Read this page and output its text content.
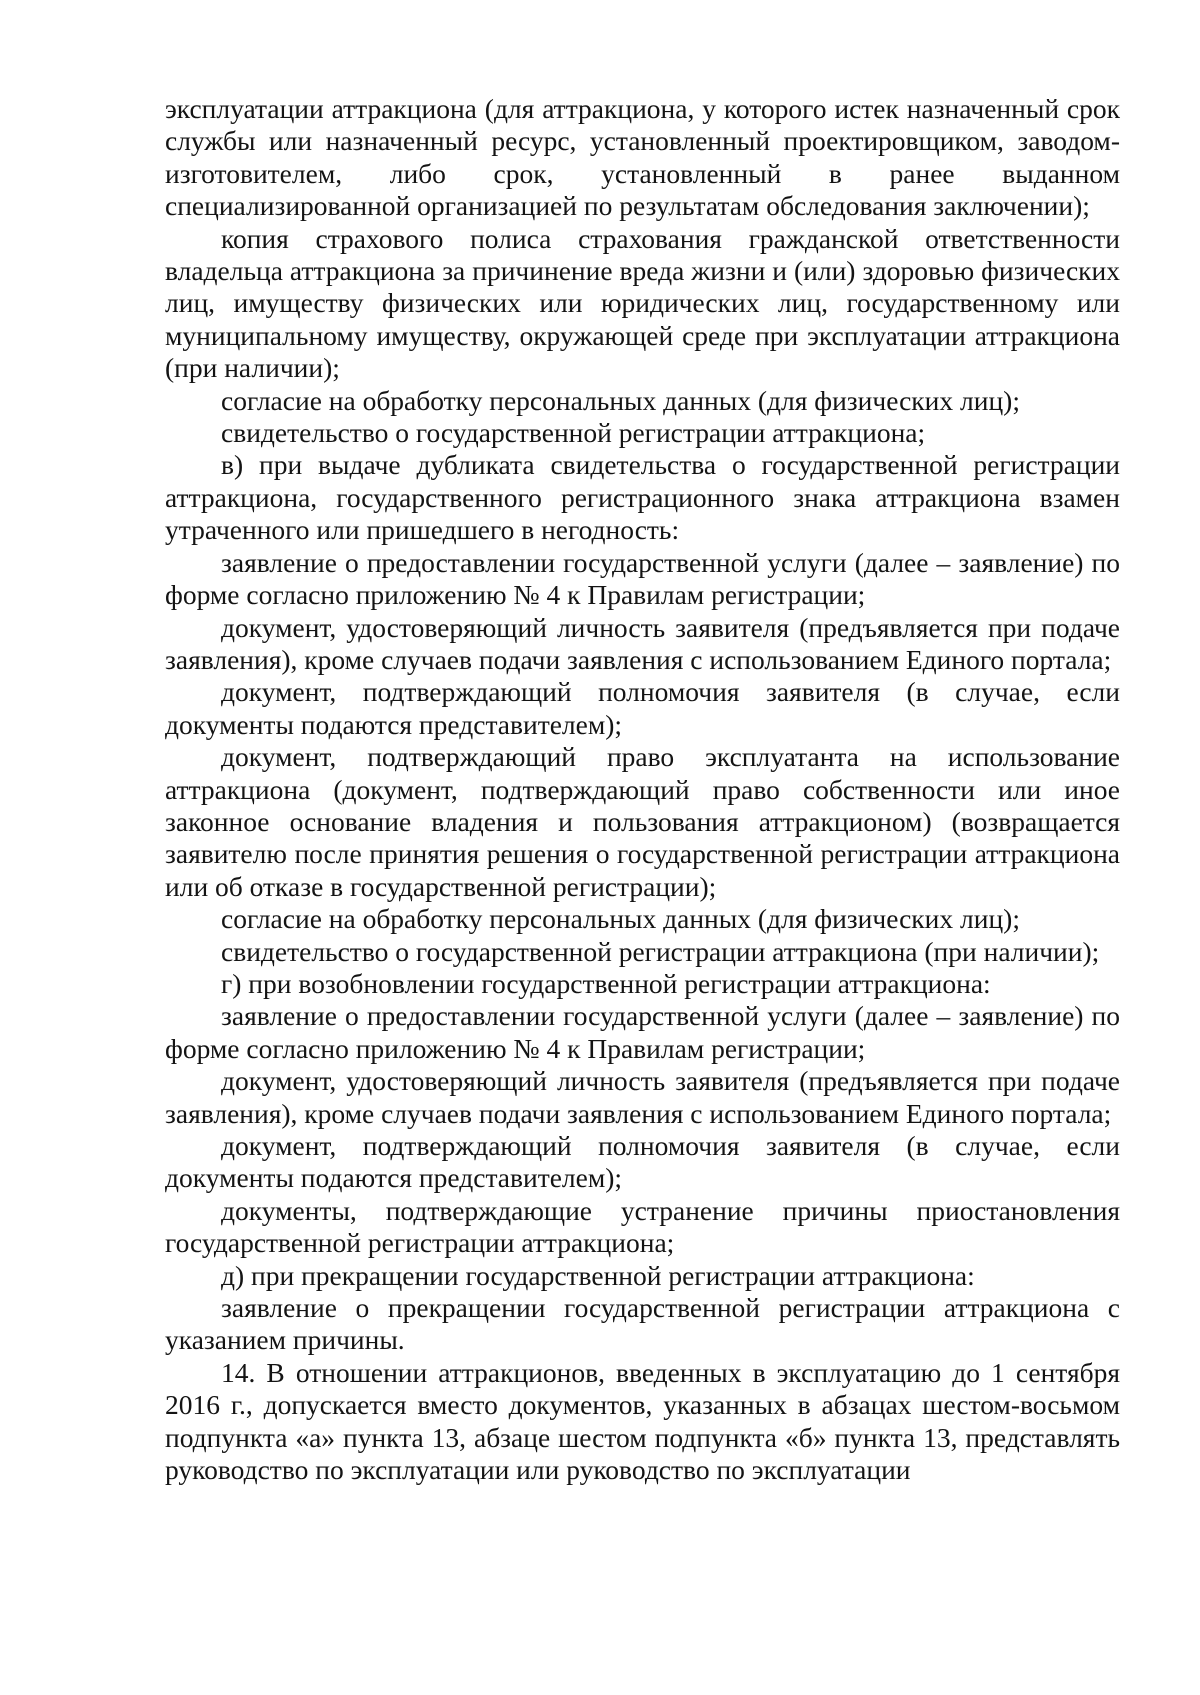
эксплуатации аттракциона (для аттракциона, у которого истек назначенный срок службы или назначенный ресурс, установленный проектировщиком, заводом-изготовителем, либо срок, установленный в ранее выданном специализированной организацией по результатам обследования заключении);

копия страхового полиса страхования гражданской ответственности владельца аттракциона за причинение вреда жизни и (или) здоровью физических лиц, имуществу физических или юридических лиц, государственному или муниципальному имуществу, окружающей среде при эксплуатации аттракциона (при наличии);

согласие на обработку персональных данных (для физических лиц);

свидетельство о государственной регистрации аттракциона;

в) при выдаче дубликата свидетельства о государственной регистрации аттракциона, государственного регистрационного знака аттракциона взамен утраченного или пришедшего в негодность:

заявление о предоставлении государственной услуги (далее – заявление) по форме согласно приложению № 4 к Правилам регистрации;

документ, удостоверяющий личность заявителя (предъявляется при подаче заявления), кроме случаев подачи заявления с использованием Единого портала;

документ, подтверждающий полномочия заявителя (в случае, если документы подаются представителем);

документ, подтверждающий право эксплуатанта на использование аттракциона (документ, подтверждающий право собственности или иное законное основание владения и пользования аттракционом) (возвращается заявителю после принятия решения о государственной регистрации аттракциона или об отказе в государственной регистрации);

согласие на обработку персональных данных (для физических лиц);

свидетельство о государственной регистрации аттракциона (при наличии);

г) при возобновлении государственной регистрации аттракциона:

заявление о предоставлении государственной услуги (далее – заявление) по форме согласно приложению № 4 к Правилам регистрации;

документ, удостоверяющий личность заявителя (предъявляется при подаче заявления), кроме случаев подачи заявления с использованием Единого портала;

документ, подтверждающий полномочия заявителя (в случае, если документы подаются представителем);

документы, подтверждающие устранение причины приостановления государственной регистрации аттракциона;

д) при прекращении государственной регистрации аттракциона:

заявление о прекращении государственной регистрации аттракциона с указанием причины.

14. В отношении аттракционов, введенных в эксплуатацию до 1 сентября 2016 г., допускается вместо документов, указанных в абзацах шестом-восьмом подпункта «а» пункта 13, абзаце шестом подпункта «б» пункта 13, представлять руководство по эксплуатации или руководство по эксплуатации
